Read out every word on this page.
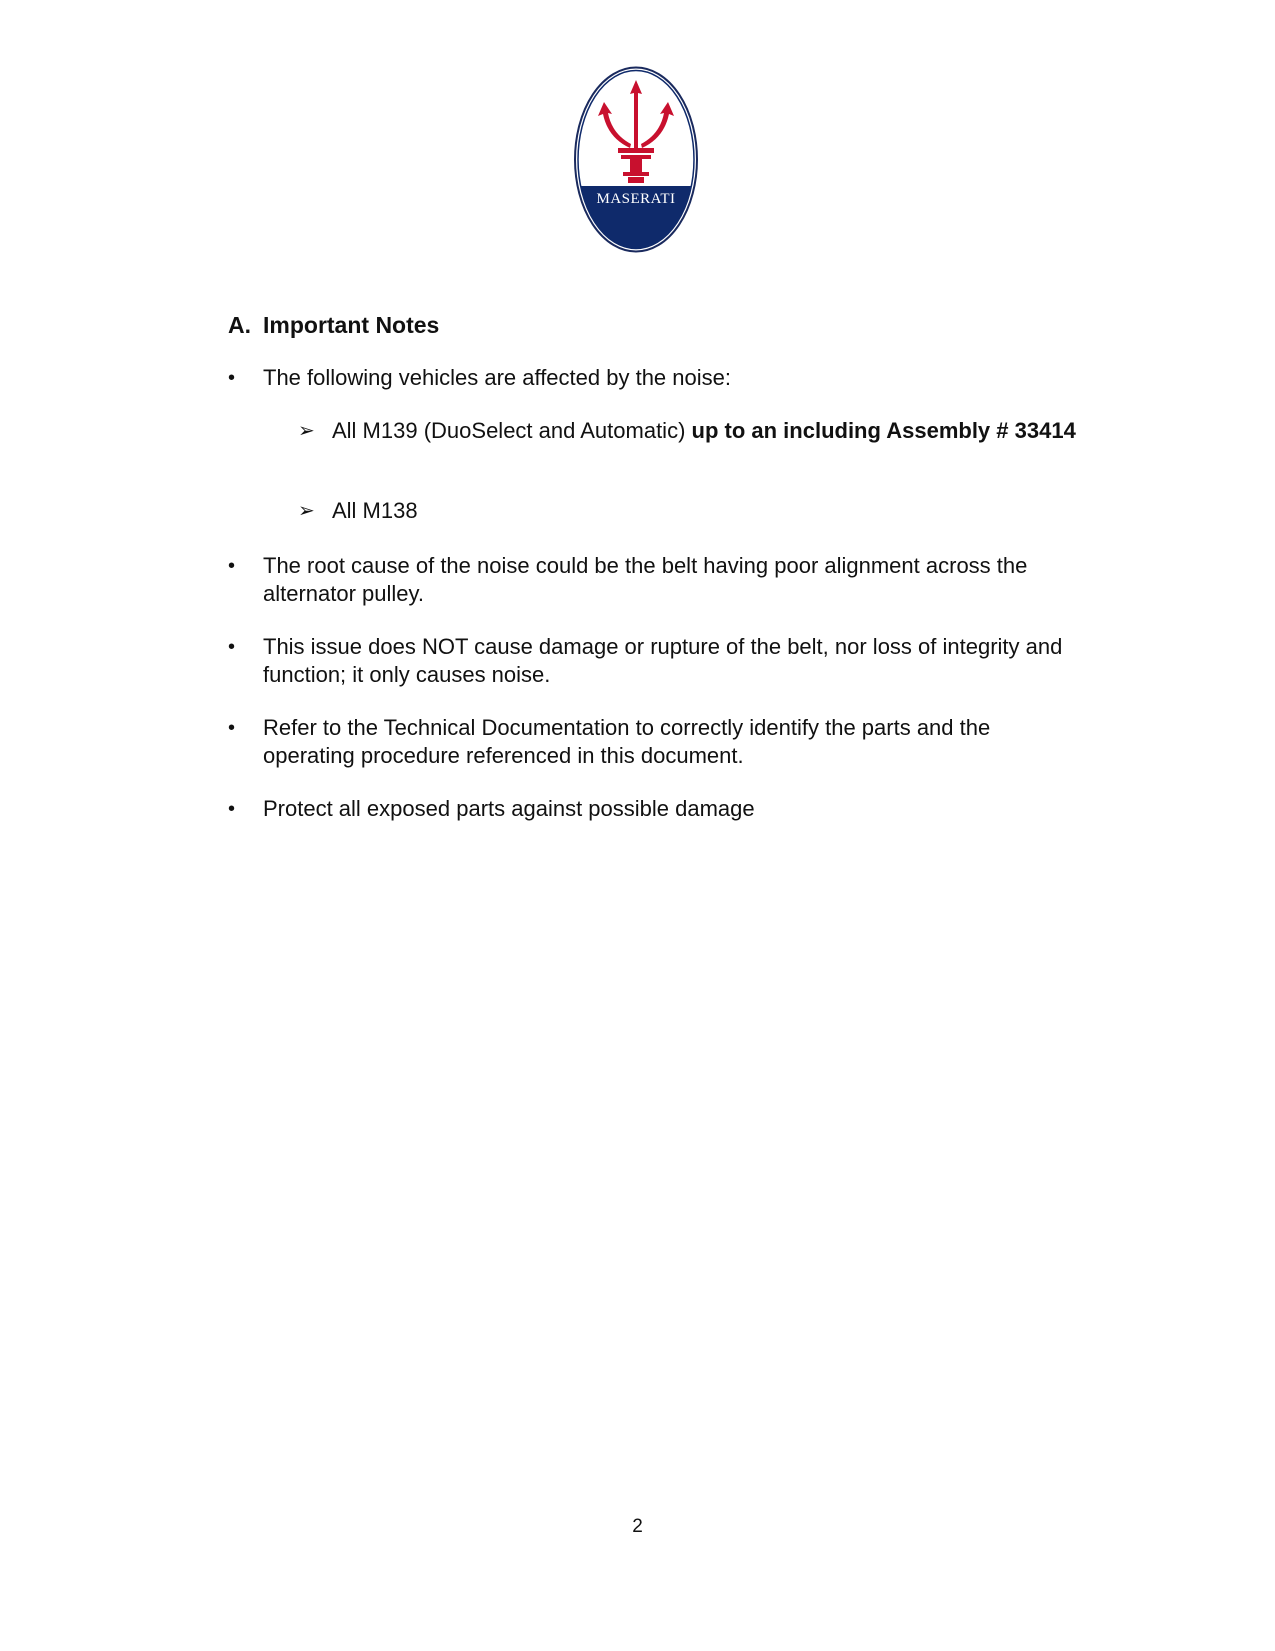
MASERATI
A. Important Notes
•	The following vehicles are affected by the noise:
➢ All M139 (DuoSelect and Automatic) up to an including Assembly # 33414
➢ All M138
•	The root cause of the noise could be the belt having poor alignment across the alternator pulley.
•	This issue does NOT cause damage or rupture of the belt, nor loss of integrity and function; it only causes noise.
•	Refer to the Technical Documentation to correctly identify the parts and the operating procedure referenced in this document.
•	Protect all exposed parts against possible damage
2
